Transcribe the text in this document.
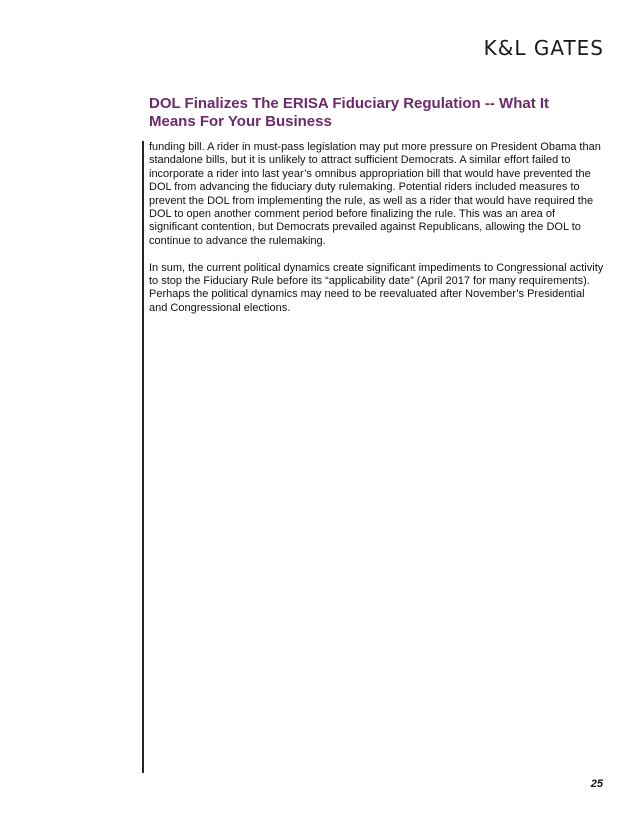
K&L GATES
DOL Finalizes The ERISA Fiduciary Regulation -- What It Means For Your Business

funding bill. A rider in must-pass legislation may put more pressure on President Obama than standalone bills, but it is unlikely to attract sufficient Democrats. A similar effort failed to incorporate a rider into last year’s omnibus appropriation bill that would have prevented the DOL from advancing the fiduciary duty rulemaking. Potential riders included measures to prevent the DOL from implementing the rule, as well as a rider that would have required the DOL to open another comment period before finalizing the rule. This was an area of significant contention, but Democrats prevailed against Republicans, allowing the DOL to continue to advance the rulemaking.

In sum, the current political dynamics create significant impediments to Congressional activity to stop the Fiduciary Rule before its “applicability date” (April 2017 for many requirements). Perhaps the political dynamics may need to be reevaluated after November’s Presidential and Congressional elections.

25
